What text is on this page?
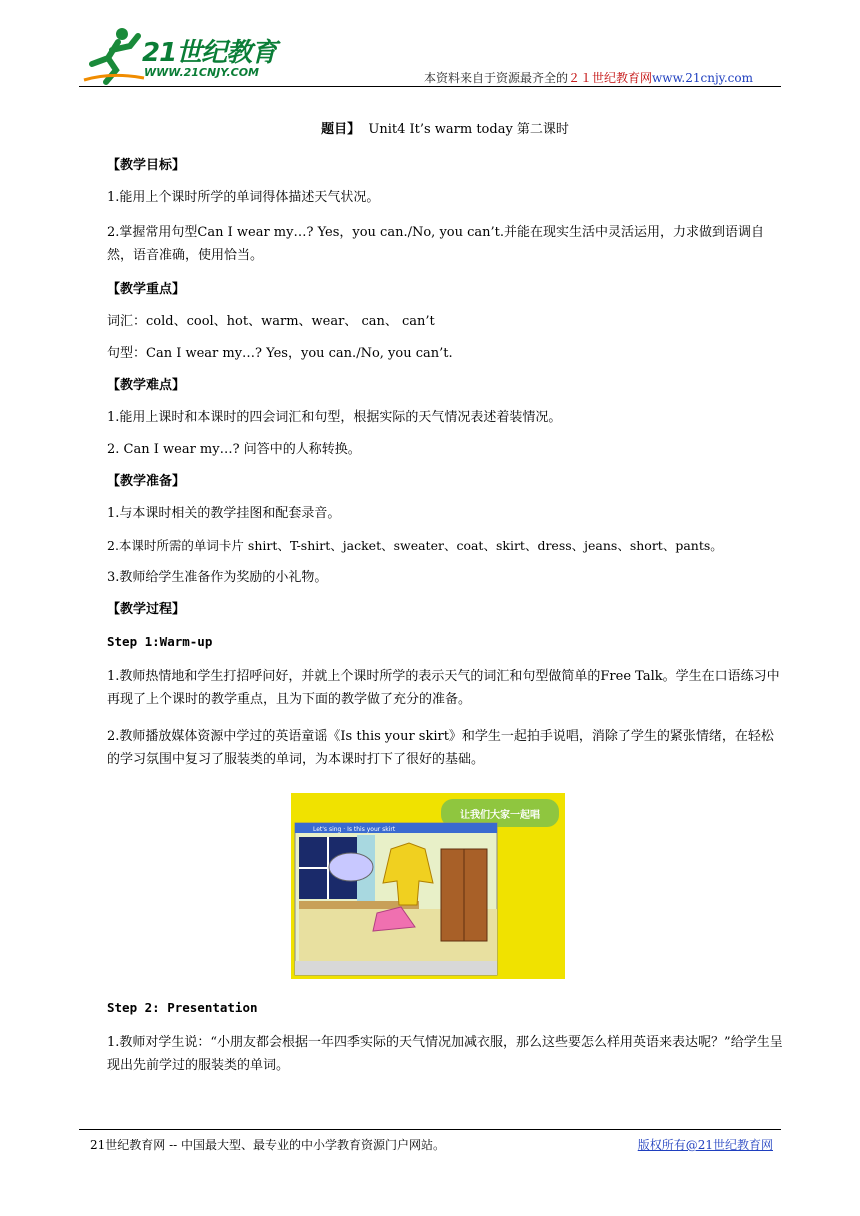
21世纪教育
WWW.21CNJY.COM	本资料来自于资源最齐全的２１世纪教育网www.21cnjy.com
题目】 Unit4 It’s warm today 第二课时
【教学目标】
1.能用上个课时所学的单词得体描述天气状况。
2.掌握常用句型Can I wear my…? Yes，you can./No, you can’t.并能在现实生活中灵活运用，力求做到语调自然，语音准确，使用恰当。
【教学重点】
词汇：cold、cool、hot、warm、wear、 can、 can’t
句型：Can I wear my…? Yes，you can./No, you can’t.
【教学难点】
1.能用上课时和本课时的四会词汇和句型，根据实际的天气情况表述着装情况。
2. Can I wear my…? 问答中的人称转换。
【教学准备】
1.与本课时相关的教学挂图和配套录音。
2.本课时所需的单词卡片 shirt、T-shirt、jacket、sweater、coat、skirt、dress、jeans、short、pants。
3.教师给学生准备作为奖励的小礼物。
【教学过程】
Step 1:Warm-up
1.教师热情地和学生打招呼问好，并就上个课时所学的表示天气的词汇和句型做简单的Free Talk。学生在口语练习中再现了上个课时的教学重点，且为下面的教学做了充分的准备。
2.教师播放媒体资源中学过的英语童谣《Is this your skirt》和学生一起拍手说唱，消除了学生的紧张情绪，在轻松的学习氛围中复习了服装类的单词，为本课时打下了很好的基础。
让我们大家一起唱
Let's sing · Is this your skirt
Step 2: Presentation
1.教师对学生说：“小朋友都会根据一年四季实际的天气情况加减衣服，那么这些要怎么样用英语来表达呢？”给学生呈现出先前学过的服装类的单词。
21世纪教育网 -- 中国最大型、最专业的中小学教育资源门户网站。	版权所有@21世纪教育网
